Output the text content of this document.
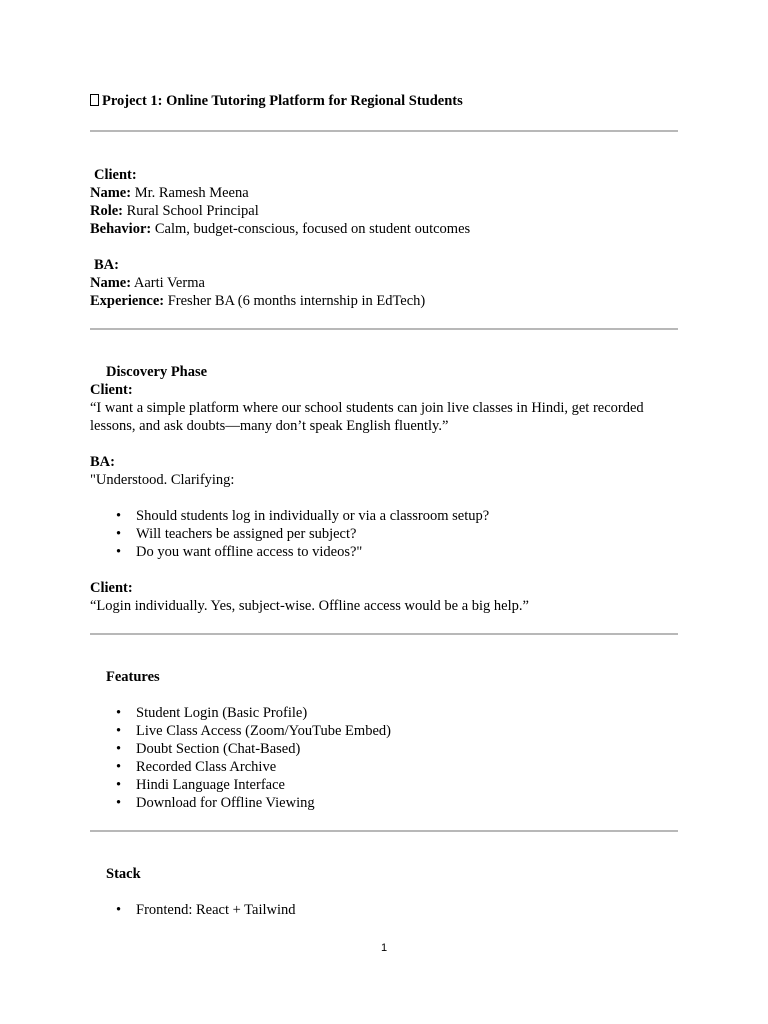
Project 1: Online Tutoring Platform for Regional Students

Client:

Name: Mr. Ramesh Meena

Role: Rural School Principal

Behavior: Calm, budget-conscious, focused on student outcomes

BA:

Name: Aarti Verma

Experience: Fresher BA (6 months internship in EdTech)

Discovery Phase

Client:

“I want a simple platform where our school students can join live classes in Hindi, get recorded lessons, and ask doubts—many don’t speak English fluently.”

BA:

"Understood. Clarifying:

• Should students log in individually or via a classroom setup?
• Will teachers be assigned per subject?
• Do you want offline access to videos?"

Client:

“Login individually. Yes, subject-wise. Offline access would be a big help.”

Features

• Student Login (Basic Profile)
• Live Class Access (Zoom/YouTube Embed)
• Doubt Section (Chat-Based)
• Recorded Class Archive
• Hindi Language Interface
• Download for Offline Viewing

Stack

• Frontend: React + Tailwind
1
